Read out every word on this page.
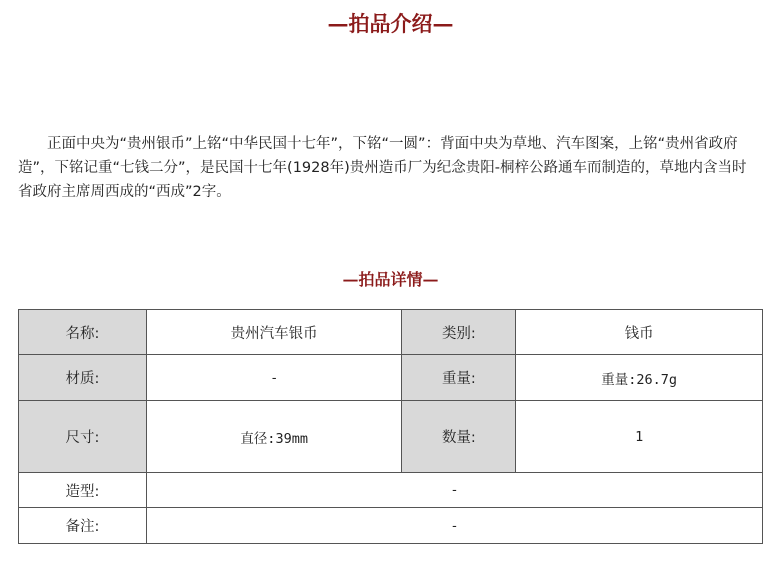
—拍品介绍—

正面中央为“贵州银币”上铭“中华民国十七年”，下铭“一圆”：背面中央为草地、汽车图案，上铭“贵州省政府造”，下铭记重“七钱二分”，是民国十七年(1928年)贵州造币厂为纪念贵阳-桐梓公路通车而制造的，草地内含当时省政府主席周西成的“西成”2字。

—拍品详情—
名称:	贵州汽车银币	类别:	钱币
材质:	-	重量:	重量:26.7g
尺寸:	直径:39mm	数量:	1
造型:	-		
备注:	-		
